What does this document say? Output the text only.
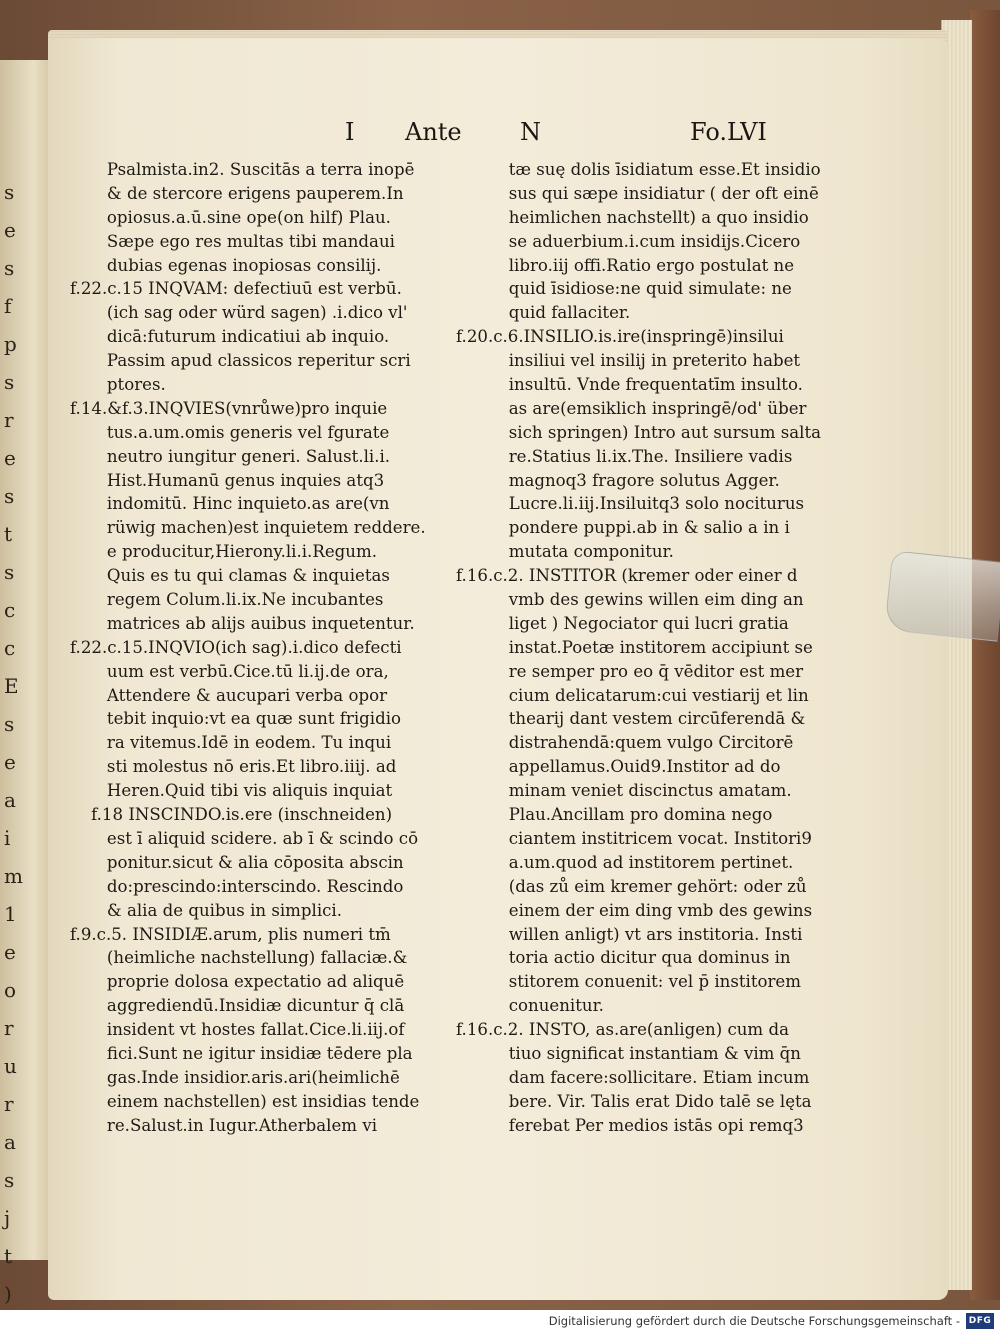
s
e
s
f
p
s
r
e
s
t
s
c
c
E
s
e
a
i
m
1
e
o
r
u
r
a
s
j
t
)
I Ante N	Fo.LVI
Psalmista.in2. Suscitās a terra inopē
& de stercore erigens pauperem.In
opiosus.a.ū.sine ope(on hilf) Plau.
Sæpe ego res multas tibi mandaui
dubias egenas inopiosas consilij.
f.22.c.15 INQVAM: defectiuū est verbū.
(ich sag oder würd sagen) .i.dico vl'
dicā:futurum indicatiui ab inquio.
Passim apud classicos reperitur scri
ptores.
f.14.&f.3.INQVIES(vnrůwe)pro inquie
tus.a.um.omis generis vel fgurate
neutro iungitur generi. Salust.li.i.
Hist.Humanū genus inquies atq3
indomitū. Hinc inquieto.as are(vn
rüwig machen)est inquietem reddere.
e producitur,Hierony.li.i.Regum.
Quis es tu qui clamas & inquietas
regem Colum.li.ix.Ne incubantes
matrices ab alijs auibus inquetentur.
f.22.c.15.INQVIO(ich sag).i.dico defecti
uum est verbū.Cice.tū li.ij.de ora,
Attendere & aucupari verba opor
tebit inquio:vt ea quæ sunt frigidio
ra vitemus.Idē in eodem. Tu inqui
sti molestus nō eris.Et libro.iiij. ad
Heren.Quid tibi vis aliquis inquiat
f.18 INSCINDO.is.ere (inschneiden)
est ī aliquid scidere. ab ī & scindo cō
ponitur.sicut & alia cōposita abscin
do:prescindo:interscindo. Rescindo
& alia de quibus in simplici.
f.9.c.5. INSIDIÆ.arum, plis numeri tm̄
(heimliche nachstellung) fallaciæ.&
proprie dolosa expectatio ad aliquē
aggrediendū.Insidiæ dicuntur q̄ clā
insident vt hostes fallat.Cice.li.iij.of
fici.Sunt ne igitur insidiæ tēdere pla
gas.Inde insidior.aris.ari(heimlichē
einem nachstellen) est insidias tende
re.Salust.in Iugur.Atherbalem vi
tæ suę dolis īsidiatum esse.Et insidio
sus qui sæpe insidiatur ( der oft einē
heimlichen nachstellt) a quo insidio
se aduerbium.i.cum insidijs.Cicero
libro.iij offi.Ratio ergo postulat ne
quid īsidiose:ne quid simulate: ne
quid fallaciter.
f.20.c.6.INSILIO.is.ire(inspringē)insilui
insiliui vel insilij in preterito habet
insultū. Vnde frequentatīm insulto.
as are(emsiklich inspringē/od' über
sich springen) Intro aut sursum salta
re.Statius li.ix.The. Insiliere vadis
magnoq3 fragore solutus Agger.
Lucre.li.iij.Insiluitq3 solo nociturus
pondere puppi.ab in & salio a in i
mutata componitur.
f.16.c.2. INSTITOR (kremer oder einer d
vmb des gewins willen eim ding an
liget ) Negociator qui lucri gratia
instat.Poetæ institorem accipiunt se
re semper pro eo q̄ vēditor est mer
cium delicatarum:cui vestiarij et lin
thearij dant vestem circūferendā &
distrahendā:quem vulgo Circitorē
appellamus.Ouid9.Institor ad do
minam veniet discinctus amatam.
Plau.Ancillam pro domina nego
ciantem institricem vocat. Institori9
a.um.quod ad institorem pertinet.
(das zů eim kremer gehört: oder zů
einem der eim ding vmb des gewins
willen anligt) vt ars institoria. Insti
toria actio dicitur qua dominus in
stitorem conuenit: vel p̄ institorem
conuenitur.
f.16.c.2. INSTO, as.are(anligen) cum da
tiuo significat instantiam & vim q̄n
dam facere:sollicitare. Etiam incum
bere. Vir. Talis erat Dido talē se lęta
ferebat Per medios istās opi remq3
Digitalisierung gefördert durch die Deutsche Forschungsgemeinschaft - DFG
